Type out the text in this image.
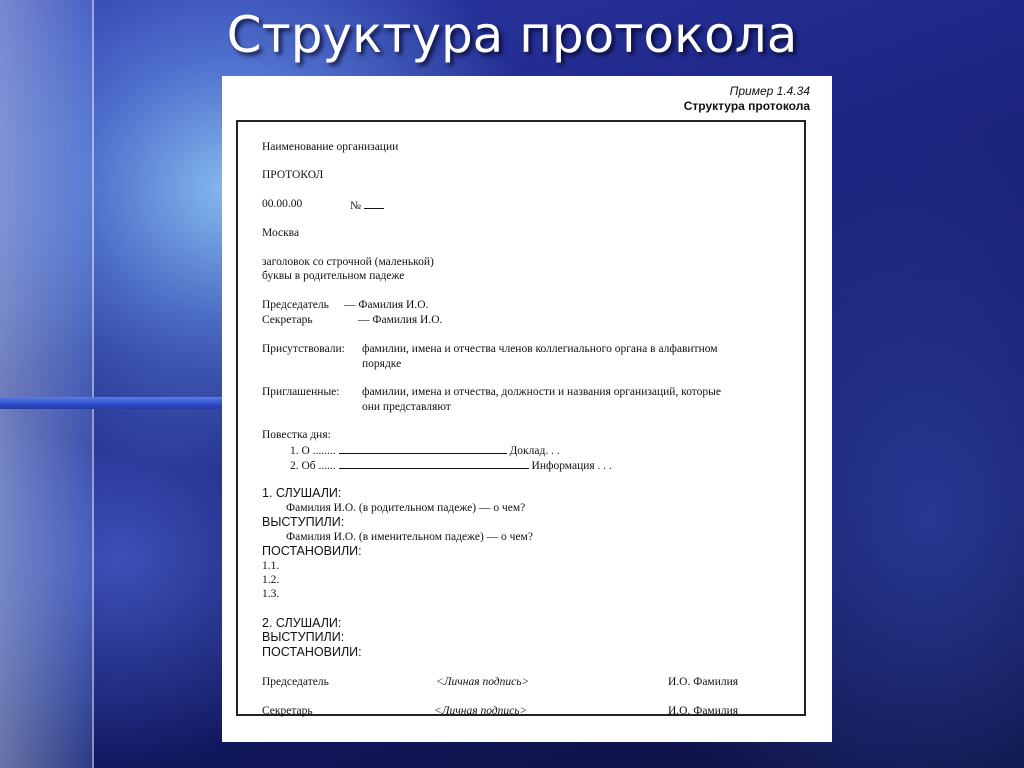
Структура протокола
Пример 1.4.34
Структура протокола
Наименование организации
ПРОТОКОЛ
00.00.00	№
Москва
заголовок со строчной (маленькой)
буквы в родительном падеже
Председатель — Фамилия И.О.
Секретарь	— Фамилия И.О.
Присутствовали: фамилии, имена и отчества членов коллегиального органа в алфавитном
порядке
Приглашенные: фамилии, имена и отчества, должности и названия организаций, которые
они представляют
Повестка дня:
1. О ........	Доклад. . .
2. Об ......	Информация . . .
1. СЛУШАЛИ:
Фамилия И.О. (в родительном падеже) — о чем?
ВЫСТУПИЛИ:
Фамилия И.О. (в именительном падеже) — о чем?
ПОСТАНОВИЛИ:
1.1.
1.2.
1.3.
2. СЛУШАЛИ:
ВЫСТУПИЛИ:
ПОСТАНОВИЛИ:
Председатель	<Личная подпись>	И.О. Фамилия
Секретарь	<Личная подпись>	И.О. Фамилия
